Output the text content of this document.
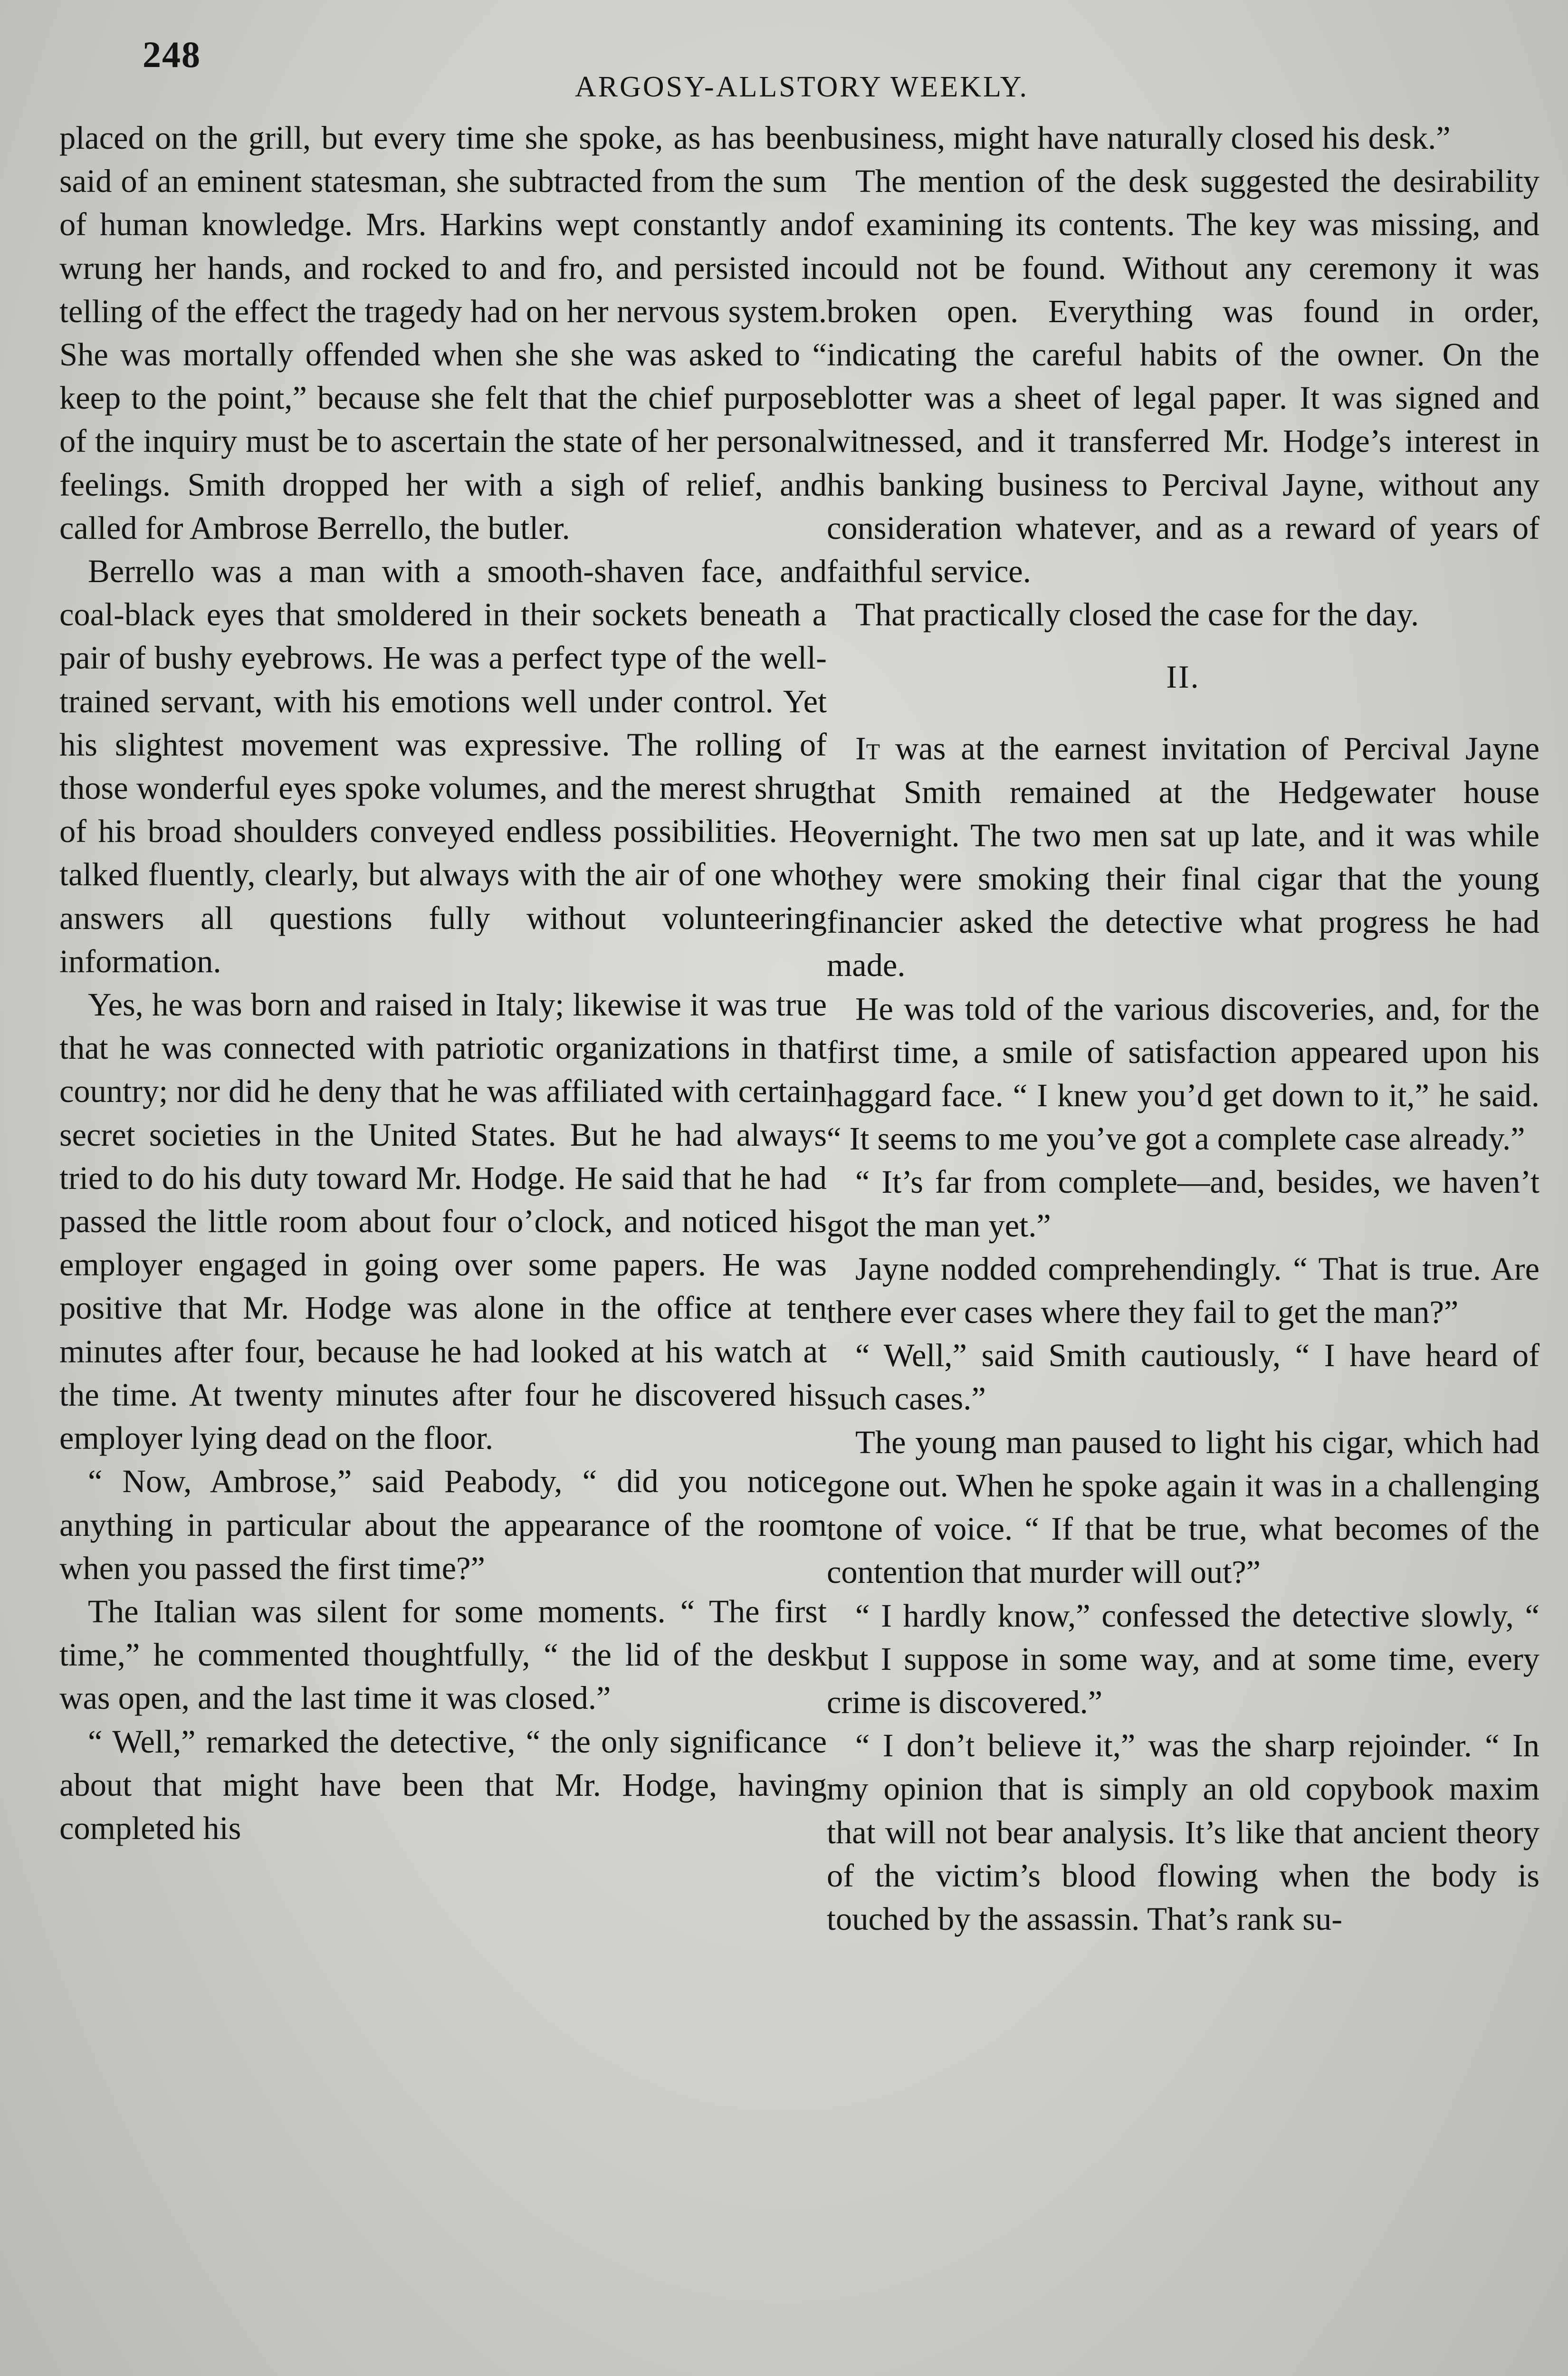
248
ARGOSY-ALLSTORY WEEKLY.

placed on the grill, but every time she spoke, as has been said of an eminent statesman, she subtracted from the sum of human knowledge. Mrs. Harkins wept constantly and wrung her hands, and rocked to and fro, and persisted in telling of the effect the tragedy had on her nervous system. She was mortally offended when she she was asked to “ keep to the point,” because she felt that the chief purpose of the inquiry must be to ascertain the state of her personal feelings. Smith dropped her with a sigh of relief, and called for Ambrose Berrello, the butler.

Berrello was a man with a smooth-shaven face, and coal-black eyes that smoldered in their sockets beneath a pair of bushy eyebrows. He was a perfect type of the well-trained servant, with his emotions well under control. Yet his slightest movement was expressive. The rolling of those wonderful eyes spoke volumes, and the merest shrug of his broad shoulders conveyed endless possibilities. He talked fluently, clearly, but always with the air of one who answers all questions fully without volunteering information.

Yes, he was born and raised in Italy; likewise it was true that he was connected with patriotic organizations in that country; nor did he deny that he was affiliated with certain secret societies in the United States. But he had always tried to do his duty toward Mr. Hodge. He said that he had passed the little room about four o’clock, and noticed his employer engaged in going over some papers. He was positive that Mr. Hodge was alone in the office at ten minutes after four, because he had looked at his watch at the time. At twenty minutes after four he discovered his employer lying dead on the floor.

“ Now, Ambrose,” said Peabody, “ did you notice anything in particular about the appearance of the room when you passed the first time?”

The Italian was silent for some moments. “ The first time,” he commented thoughtfully, “ the lid of the desk was open, and the last time it was closed.”

“ Well,” remarked the detective, “ the only significance about that might have been that Mr. Hodge, having completed his

business, might have naturally closed his desk.”

The mention of the desk suggested the desirability of examining its contents. The key was missing, and could not be found. Without any ceremony it was broken open. Everything was found in order, indicating the careful habits of the owner. On the blotter was a sheet of legal paper. It was signed and witnessed, and it transferred Mr. Hodge’s interest in his banking business to Percival Jayne, without any consideration whatever, and as a reward of years of faithful service.

That practically closed the case for the day.

II.

It was at the earnest invitation of Percival Jayne that Smith remained at the Hedgewater house overnight. The two men sat up late, and it was while they were smoking their final cigar that the young financier asked the detective what progress he had made.

He was told of the various discoveries, and, for the first time, a smile of satisfaction appeared upon his haggard face. “ I knew you’d get down to it,” he said. “ It seems to me you’ve got a complete case already.”

“ It’s far from complete—and, besides, we haven’t got the man yet.”

Jayne nodded comprehendingly. “ That is true. Are there ever cases where they fail to get the man?”

“ Well,” said Smith cautiously, “ I have heard of such cases.”

The young man paused to light his cigar, which had gone out. When he spoke again it was in a challenging tone of voice. “ If that be true, what becomes of the contention that murder will out?”

“ I hardly know,” confessed the detective slowly, “ but I suppose in some way, and at some time, every crime is discovered.”

“ I don’t believe it,” was the sharp rejoinder. “ In my opinion that is simply an old copybook maxim that will not bear analysis. It’s like that ancient theory of the victim’s blood flowing when the body is touched by the assassin. That’s rank su-
